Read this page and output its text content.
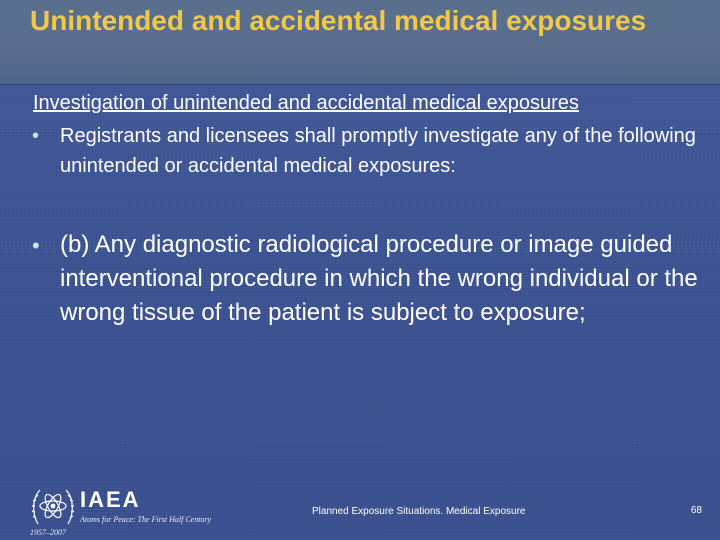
Unintended and accidental medical exposures
Investigation of unintended and accidental medical exposures
• Registrants and licensees shall promptly investigate any of the following unintended or accidental medical exposures:
• (b) Any diagnostic radiological procedure or image guided interventional procedure in which the wrong individual or the wrong tissue of the patient is subject to exposure;
IAEA
Atoms for Peace: The First Half Century
1957–2007
Planned Exposure Situations. Medical Exposure	68
